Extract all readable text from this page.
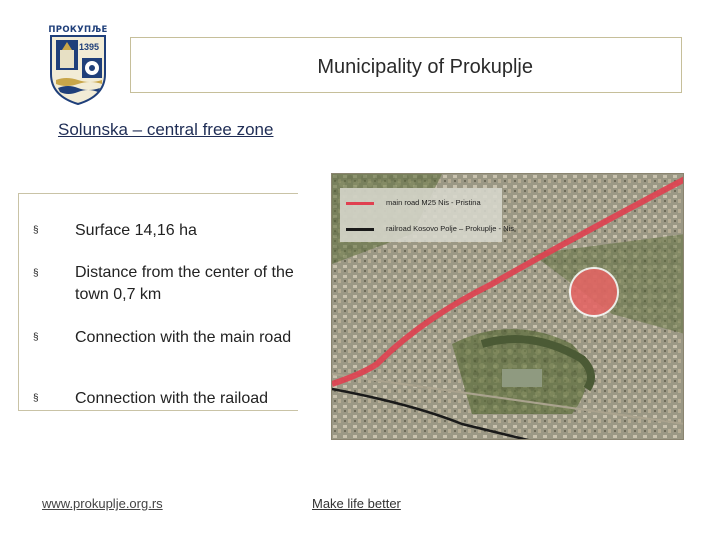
ПРОКУПЉЕ
1395
Municipality of Prokuplje
Solunska – central free zone
§ Surface 14,16 ha
§ Distance from the center of the town 0,7 km
§ Connection with the main road
§ Connection with the raiload
main road M25 Nis - Pristina
railroad Kosovo Polje – Prokuplje - Nis
www.prokuplje.org.rs	Make life better
